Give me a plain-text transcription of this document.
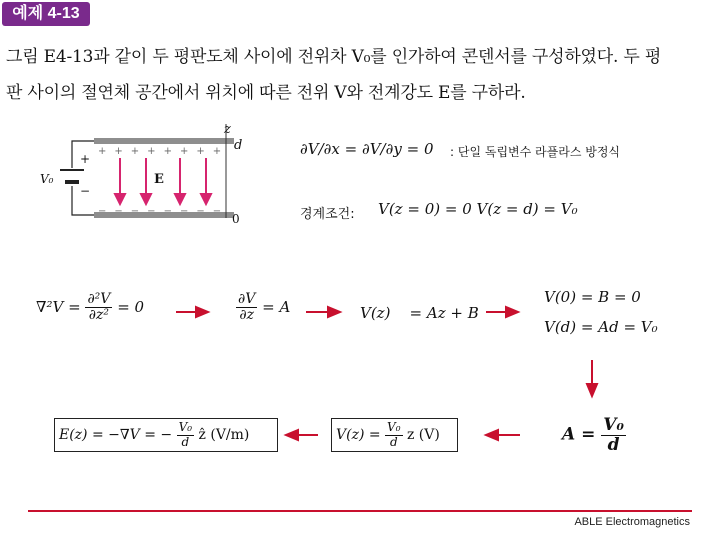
예제 4-13
그림 E4-13과 같이 두 평판도체 사이에 전위차 V₀를 인가하여 콘덴서를 구성하였다. 두 평
판 사이의 절연체 공간에서 위치에 따른 전위 V와 전계강도 E를 구하라.
z
d
0
V₀
+
−
E
++++++++
−−−−−−−−
∂V/∂x = ∂V/∂y = 0 : 단일 독립변수 라플라스 방정식
경계조건: V(z = 0) = 0 V(z = d) = V₀
$\nabla^2V = \frac{\text{∂²V}}{\text{∂z²}} = 0$	$\frac{\partial V}{\partial z} = A$	V(z) = Az + B
V(0) = B = 0
V(d) = Ad = V₀
$A = \frac{\text{V₀}}{d}$
$V(z) = \frac{\text{V₀}}{d}$ z (V)
E(z) = −∇V = − $\frac{\text{V₀}}{d}$ ẑ (V/m)
ABLE Electromagnetics
